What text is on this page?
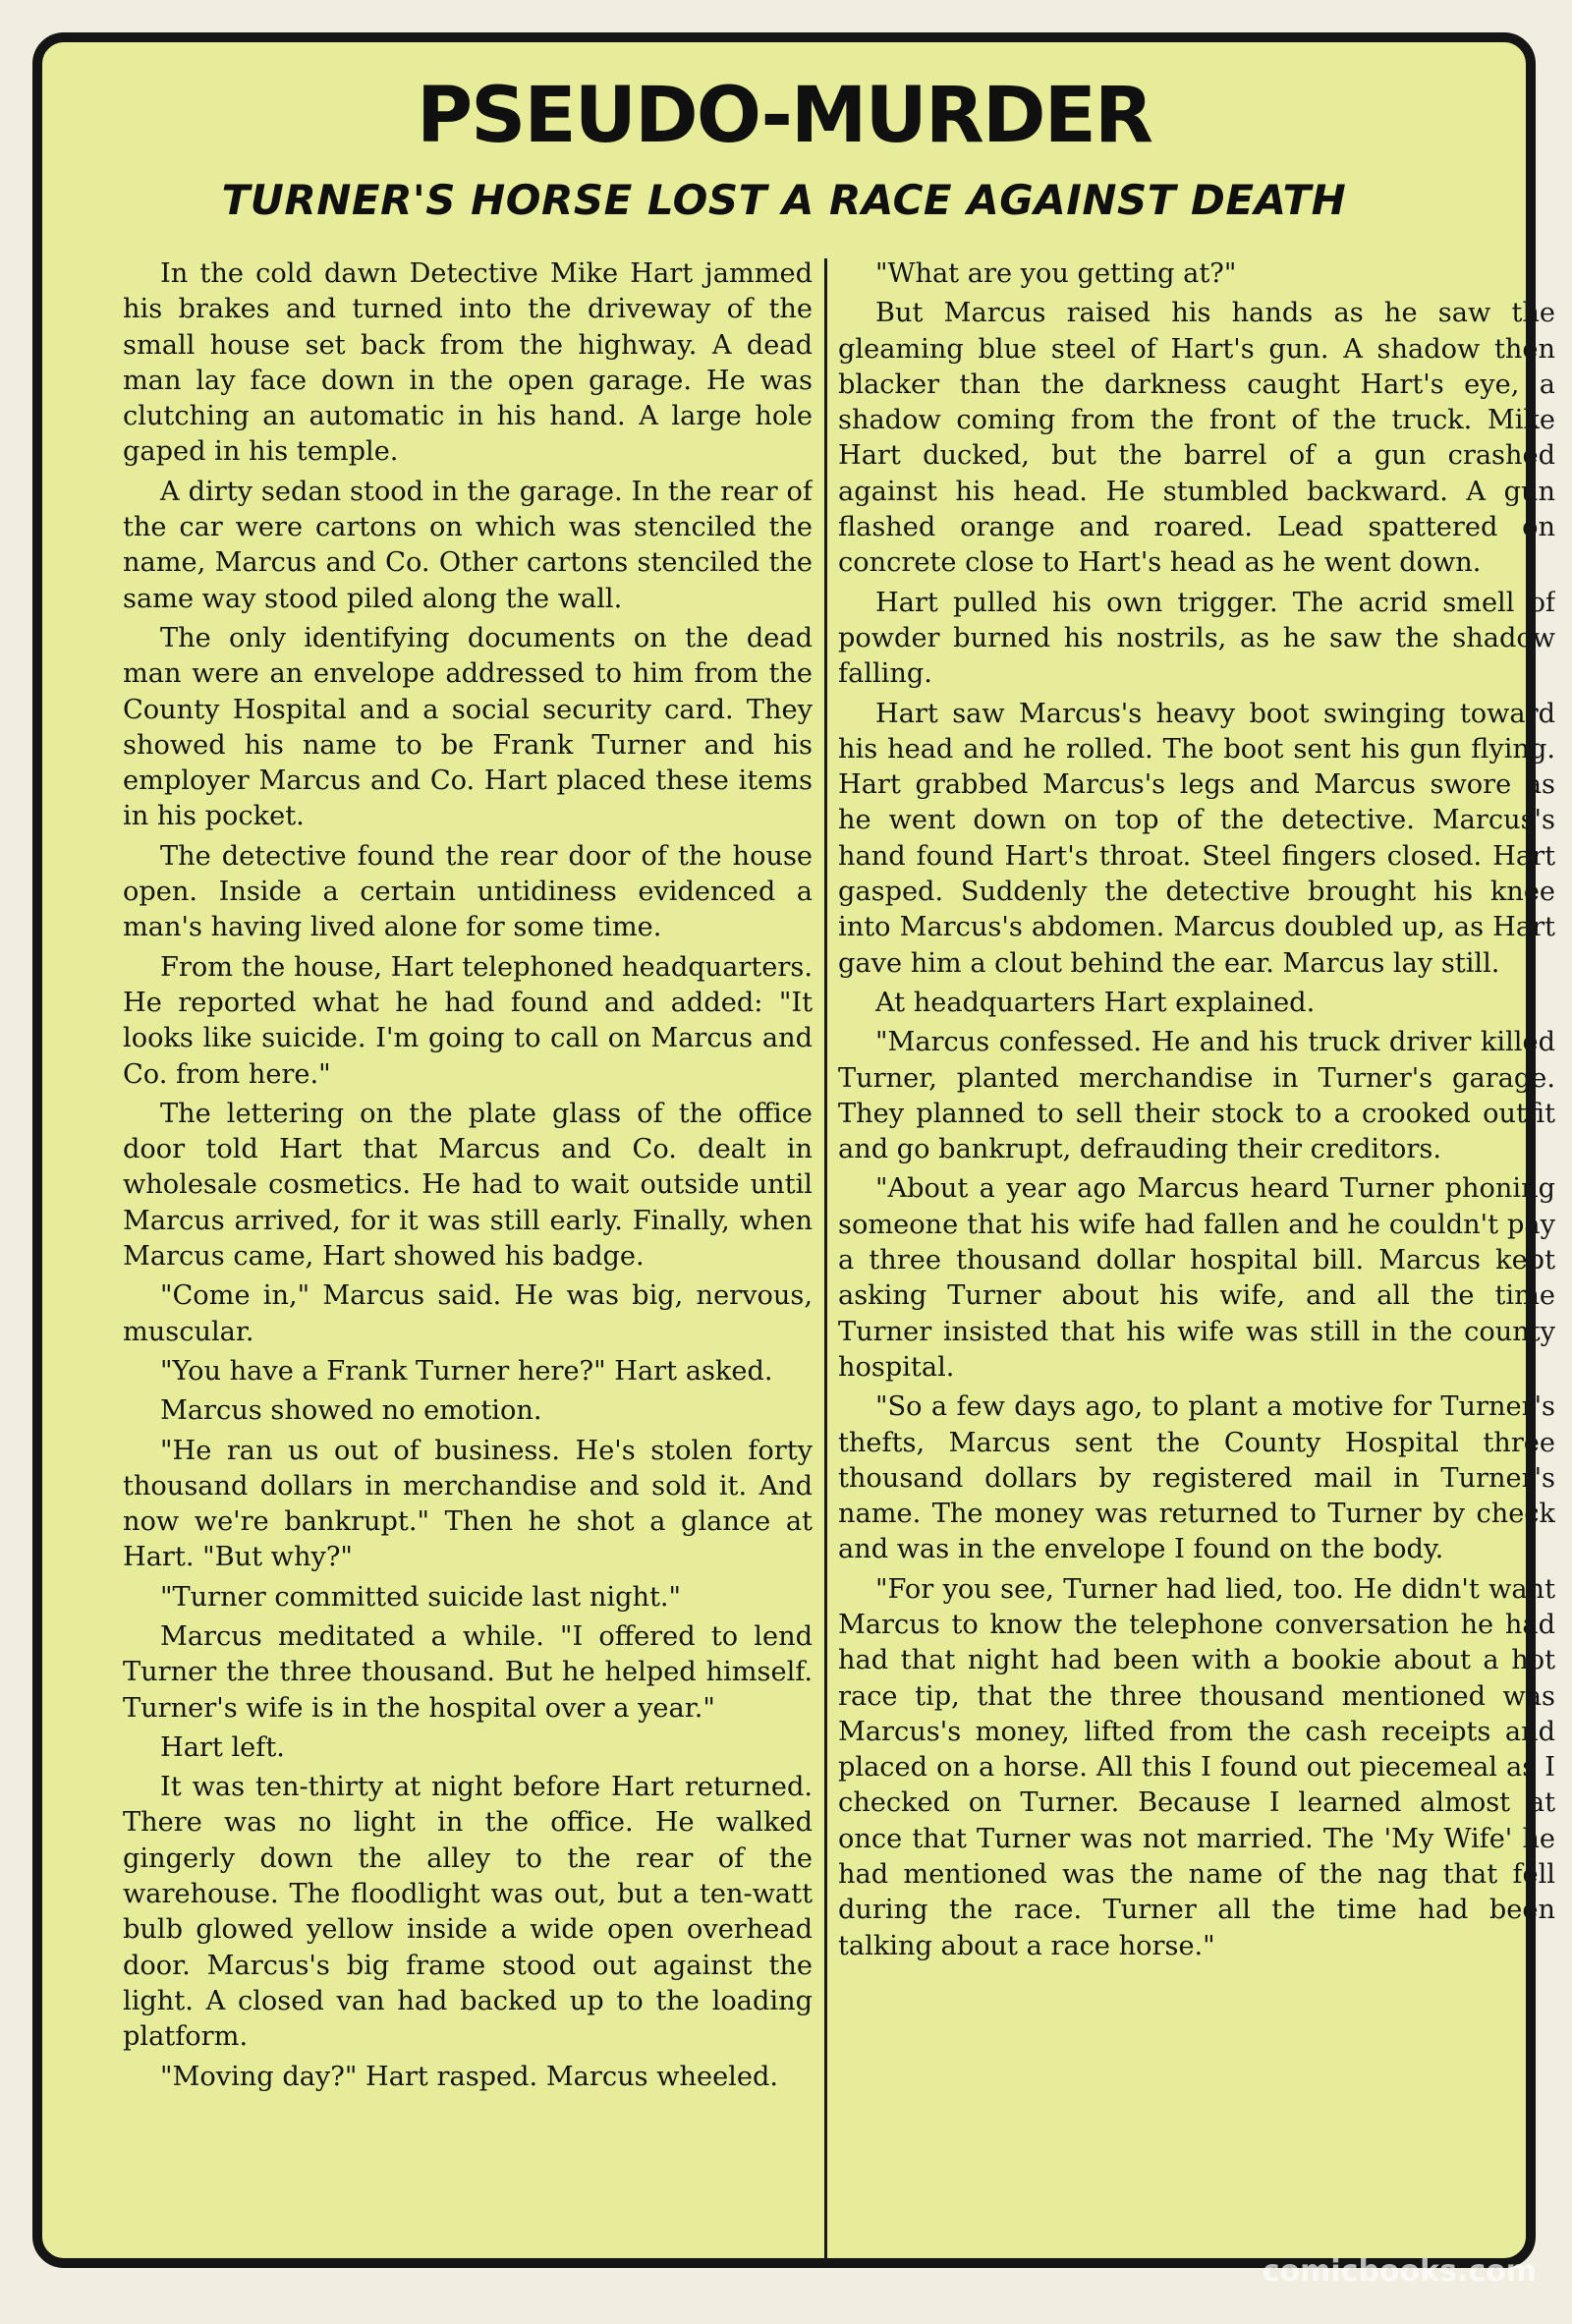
PSEUDO-MURDER
TURNER'S HORSE LOST A RACE AGAINST DEATH

In the cold dawn Detective Mike Hart jammed his brakes and turned into the driveway of the small house set back from the highway. A dead man lay face down in the open garage. He was clutching an automatic in his hand. A large hole gaped in his temple.

A dirty sedan stood in the garage. In the rear of the car were cartons on which was stenciled the name, Marcus and Co. Other cartons stenciled the same way stood piled along the wall.

The only identifying documents on the dead man were an envelope addressed to him from the County Hospital and a social security card. They showed his name to be Frank Turner and his employer Marcus and Co. Hart placed these items in his pocket.

The detective found the rear door of the house open. Inside a certain untidiness evidenced a man's having lived alone for some time.

From the house, Hart telephoned headquarters. He reported what he had found and added: "It looks like suicide. I'm going to call on Marcus and Co. from here."

The lettering on the plate glass of the office door told Hart that Marcus and Co. dealt in wholesale cosmetics. He had to wait outside until Marcus arrived, for it was still early. Finally, when Marcus came, Hart showed his badge.

"Come in," Marcus said. He was big, nervous, muscular.

"You have a Frank Turner here?" Hart asked.

Marcus showed no emotion.

"He ran us out of business. He's stolen forty thousand dollars in merchandise and sold it. And now we're bankrupt." Then he shot a glance at Hart. "But why?"

"Turner committed suicide last night."

Marcus meditated a while. "I offered to lend Turner the three thousand. But he helped himself. Turner's wife is in the hospital over a year."

Hart left.

It was ten-thirty at night before Hart returned. There was no light in the office. He walked gingerly down the alley to the rear of the warehouse. The floodlight was out, but a ten-watt bulb glowed yellow inside a wide open overhead door. Marcus's big frame stood out against the light. A closed van had backed up to the loading platform.

"Moving day?" Hart rasped. Marcus wheeled.

"What are you getting at?"

But Marcus raised his hands as he saw the gleaming blue steel of Hart's gun. A shadow then blacker than the darkness caught Hart's eye, a shadow coming from the front of the truck. Mike Hart ducked, but the barrel of a gun crashed against his head. He stumbled backward. A gun flashed orange and roared. Lead spattered on concrete close to Hart's head as he went down.

Hart pulled his own trigger. The acrid smell of powder burned his nostrils, as he saw the shadow falling.

Hart saw Marcus's heavy boot swinging toward his head and he rolled. The boot sent his gun flying. Hart grabbed Marcus's legs and Marcus swore as he went down on top of the detective. Marcus's hand found Hart's throat. Steel fingers closed. Hart gasped. Suddenly the detective brought his knee into Marcus's abdomen. Marcus doubled up, as Hart gave him a clout behind the ear. Marcus lay still.

At headquarters Hart explained.

"Marcus confessed. He and his truck driver killed Turner, planted merchandise in Turner's garage. They planned to sell their stock to a crooked outfit and go bankrupt, defrauding their creditors.

"About a year ago Marcus heard Turner phoning someone that his wife had fallen and he couldn't pay a three thousand dollar hospital bill. Marcus kept asking Turner about his wife, and all the time Turner insisted that his wife was still in the county hospital.

"So a few days ago, to plant a motive for Turner's thefts, Marcus sent the County Hospital three thousand dollars by registered mail in Turner's name. The money was returned to Turner by check and was in the envelope I found on the body.

"For you see, Turner had lied, too. He didn't want Marcus to know the telephone conversation he had had that night had been with a bookie about a hot race tip, that the three thousand mentioned was Marcus's money, lifted from the cash receipts and placed on a horse. All this I found out piecemeal as I checked on Turner. Because I learned almost at once that Turner was not married. The 'My Wife' he had mentioned was the name of the nag that fell during the race. Turner all the time had been talking about a race horse."

comicbooks.com
